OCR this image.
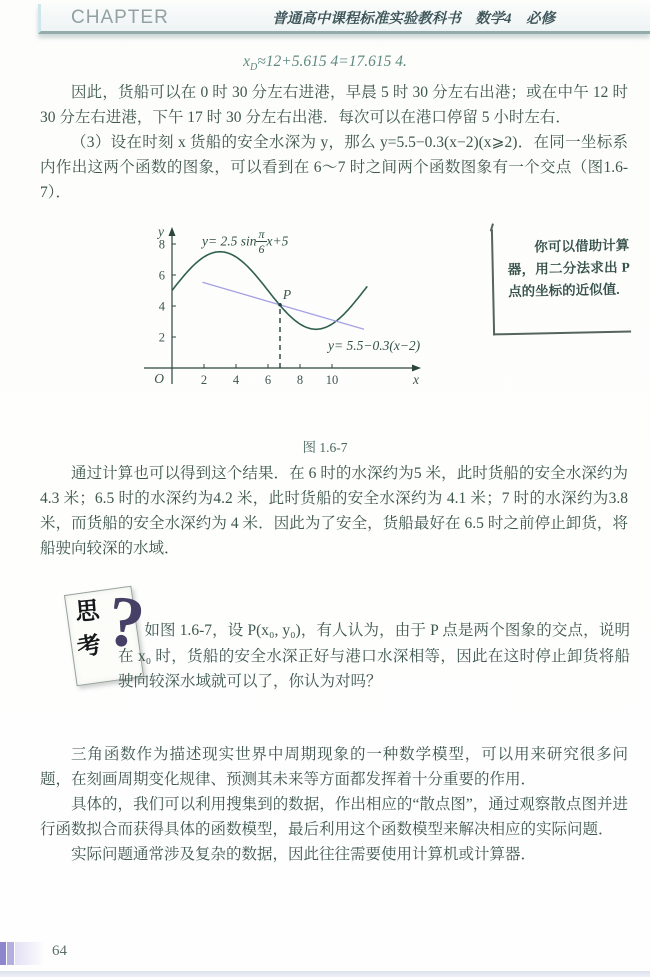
CHAPTER	普通高中课程标准实验教科书　数学4　必修
$x_D\approx 12+5.615$ 4=17.615 4.

因此，货船可以在 0 时 30 分左右进港，早晨 5 时 30 分左右出港；或在中午 12 时 30 分左右进港，下午 17 时 30 分左右出港．每次可以在港口停留 5 小时左右．

（3）设在时刻 x 货船的安全水深为 y，那么 y=5.5−0.3(x−2)(x⩾2)．在同一坐标系内作出这两个函数的图象，可以看到在 6～7 时之间两个函数图象有一个交点（图1.6-7）．

O	x
y
2 4 6 8 10
2
4
6
8
P
y= 2.5 $\sin \frac{\pi}{6} x+5$
y= 5.5−0.3(x−2)
你可以借助计算器，用二分法求出 P 点的坐标的近似值.
图 1.6-7

通过计算也可以得到这个结果．在 6 时的水深约为5 米，此时货船的安全水深约为 4.3 米；6.5 时的水深约为4.2 米，此时货船的安全水深约为 4.1 米；7 时的水深约为3.8 米，而货船的安全水深约为 4 米．因此为了安全，货船最好在 6.5 时之前停止卸货，将船驶向较深的水域．

思
考 ?
如图 1.6-7，设 P(x₀, y₀)，有人认为，由于 P 点是两个图象的交点，说明在 x₀ 时，货船的安全水深正好与港口水深相等，因此在这时停止卸货将船驶向较深水域就可以了，你认为对吗？

三角函数作为描述现实世界中周期现象的一种数学模型，可以用来研究很多问题，在刻画周期变化规律、预测其未来等方面都发挥着十分重要的作用．

具体的，我们可以利用搜集到的数据，作出相应的“散点图”，通过观察散点图并进行函数拟合而获得具体的函数模型，最后利用这个函数模型来解决相应的实际问题．

实际问题通常涉及复杂的数据，因此往往需要使用计算机或计算器．

64
